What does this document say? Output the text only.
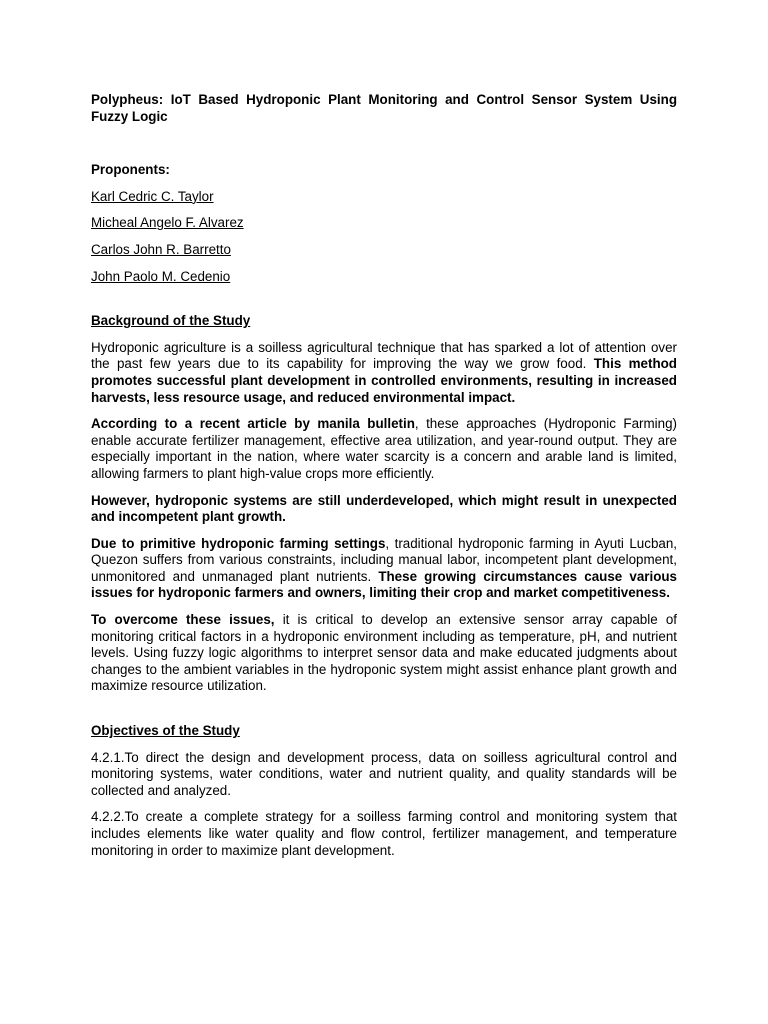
Polypheus: IoT Based Hydroponic Plant Monitoring and Control Sensor System Using Fuzzy Logic

Proponents:

Karl Cedric C. Taylor

Micheal Angelo F. Alvarez

Carlos John R. Barretto

John Paolo M. Cedenio

Background of the Study

Hydroponic agriculture is a soilless agricultural technique that has sparked a lot of attention over the past few years due to its capability for improving the way we grow food. This method promotes successful plant development in controlled environments, resulting in increased harvests, less resource usage, and reduced environmental impact.

According to a recent article by manila bulletin, these approaches (Hydroponic Farming) enable accurate fertilizer management, effective area utilization, and year-round output. They are especially important in the nation, where water scarcity is a concern and arable land is limited, allowing farmers to plant high-value crops more efficiently.

However, hydroponic systems are still underdeveloped, which might result in unexpected and incompetent plant growth.

Due to primitive hydroponic farming settings, traditional hydroponic farming in Ayuti Lucban, Quezon suffers from various constraints, including manual labor, incompetent plant development, unmonitored and unmanaged plant nutrients. These growing circumstances cause various issues for hydroponic farmers and owners, limiting their crop and market competitiveness.

To overcome these issues, it is critical to develop an extensive sensor array capable of monitoring critical factors in a hydroponic environment including as temperature, pH, and nutrient levels. Using fuzzy logic algorithms to interpret sensor data and make educated judgments about changes to the ambient variables in the hydroponic system might assist enhance plant growth and maximize resource utilization.

Objectives of the Study

4.2.1.To direct the design and development process, data on soilless agricultural control and monitoring systems, water conditions, water and nutrient quality, and quality standards will be collected and analyzed.

4.2.2.To create a complete strategy for a soilless farming control and monitoring system that includes elements like water quality and flow control, fertilizer management, and temperature monitoring in order to maximize plant development.
